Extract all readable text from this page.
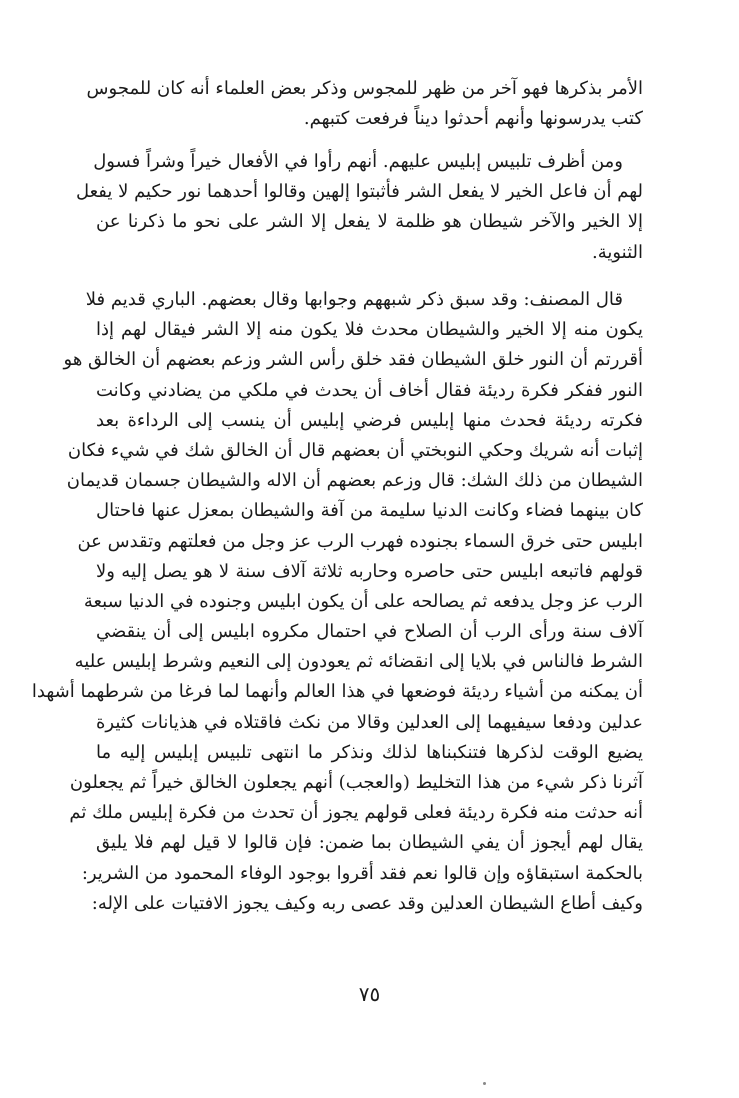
الأمر بذكرها فهو آخر من ظهر للمجوس وذكر بعض العلماء أنه كان للمجوس
كتب يدرسونها وأنهم أحدثوا ديناً فرفعت كتبهم.
ومن أظرف تلبيس إبليس عليهم. أنهم رأوا في الأفعال خيراً وشراً فسول
لهم أن فاعل الخير لا يفعل الشر فأثبتوا إلهين وقالوا أحدهما نور حكيم لا يفعل
إلا الخير والآخر شيطان هو ظلمة لا يفعل إلا الشر على نحو ما ذكرنا عن
الثنوية.
قال المصنف: وقد سبق ذكر شبههم وجوابها وقال بعضهم. الباري قديم فلا
يكون منه إلا الخير والشيطان محدث فلا يكون منه إلا الشر فيقال لهم إذا
أقررتم أن النور خلق الشيطان فقد خلق رأس الشر وزعم بعضهم أن الخالق هو
النور ففكر فكرة رديئة فقال أخاف أن يحدث في ملكي من يضادني وكانت
فكرته رديئة فحدث منها إبليس فرضي إبليس أن ينسب إلى الرداءة بعد
إثبات أنه شريك وحكي النوبختي أن بعضهم قال أن الخالق شك في شيء فكان
الشيطان من ذلك الشك: قال وزعم بعضهم أن الاله والشيطان جسمان قديمان
كان بينهما فضاء وكانت الدنيا سليمة من آفة والشيطان بمعزل عنها فاحتال
ابليس حتى خرق السماء بجنوده فهرب الرب عز وجل من فعلتهم وتقدس عن
قولهم فاتبعه ابليس حتى حاصره وحاربه ثلاثة آلاف سنة لا هو يصل إليه ولا
الرب عز وجل يدفعه ثم يصالحه على أن يكون ابليس وجنوده في الدنيا سبعة
آلاف سنة ورأى الرب أن الصلاح في احتمال مكروه ابليس إلى أن ينقضي
الشرط فالناس في بلايا إلى انقضائه ثم يعودون إلى النعيم وشرط إبليس عليه
أن يمكنه من أشياء رديئة فوضعها في هذا العالم وأنهما لما فرغا من شرطهما أشهدا
عدلين ودفعا سيفيهما إلى العدلين وقالا من نكث فاقتلاه في هذيانات كثيرة
يضيع الوقت لذكرها فتنكبناها لذلك ونذكر ما انتهى تلبيس إبليس إليه ما
آثرنا ذكر شيء من هذا التخليط (والعجب) أنهم يجعلون الخالق خيراً ثم يجعلون
أنه حدثت منه فكرة رديئة فعلى قولهم يجوز أن تحدث من فكرة إبليس ملك ثم
يقال لهم أيجوز أن يفي الشيطان بما ضمن: فإن قالوا لا قيل لهم فلا يليق
بالحكمة استبقاؤه وإن قالوا نعم فقد أقروا بوجود الوفاء المحمود من الشرير:
وكيف أطاع الشيطان العدلين وقد عصى ربه وكيف يجوز الافتيات على الإله:
٧٥
